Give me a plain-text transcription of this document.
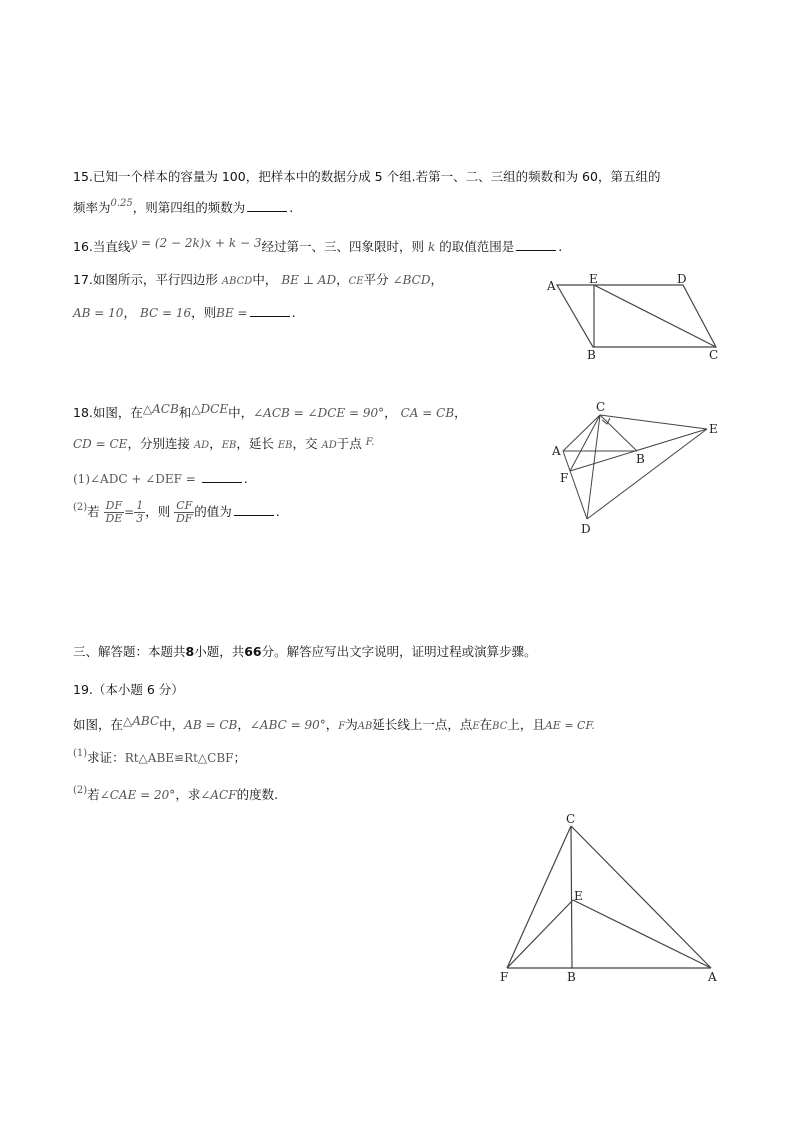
15.已知一个样本的容量为 100，把样本中的数据分成 5 个组.若第一、二、三组的频数和为 60，第五组的
频率为$^{0.25}$，则第四组的频数为	.
16.当直线y = (2 − 2k)x + k − 3经过第一、三、四象限时，则 k 的取值范围是	.
17.如图所示，平行四边形 ABCD中， BE ⊥ AD，CE平分 ∠BCD，
AB = 10， BC = 16，则BE =	.
A	E	D
B	C
18.如图，在△ACB和△DCE中，∠ACB = ∠DCE = 90°， CA = CB，
CD = CE，分别连接 AD，EB，延长 EB，交 AD于点 $^{F.}$
(1)∠ADC + ∠DEF =	.
$^{(2)}$若 $\frac{DF}{DE} = \frac{1}{3}$ ，则 $\frac{CF}{DF}$ 的值为	.
C
E
A
B
F
D
三、解答题：本题共8小题，共66分。解答应写出文字说明，证明过程或演算步骤。
19.（本小题 6 分）
如图，在△ABC中，AB = CB，∠ABC = 90°，F为AB延长线上一点，点E在BC上，且AE = CF.
$^{(1)}$求证：Rt△ABE≌Rt△CBF；
$^{(2)}$若∠CAE = 20°，求∠ACF的度数.
C
E
F	B	A
